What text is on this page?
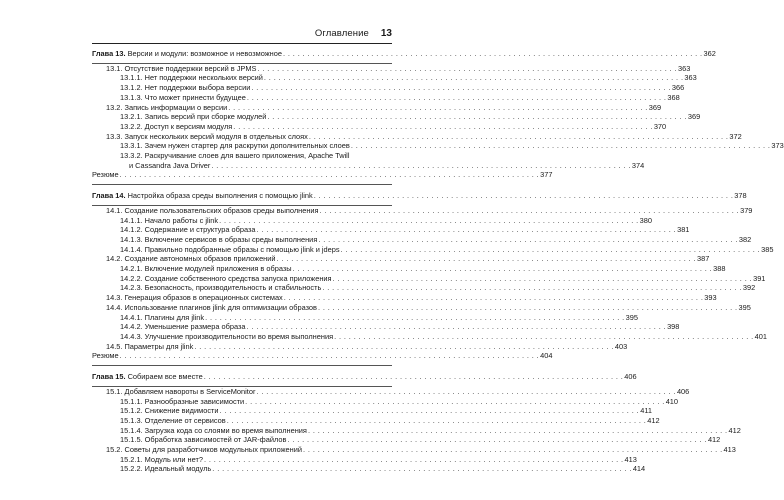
Оглавление 13
Глава 13. Версии и модули: возможное и невозможное . . . . . . . . . . . . . . . . . . . . . . . . . . . . . . . . . . . . . . . . . . . . . . . . . . . . . . . . . . . . . . . . . . . . . . . . . . . . . . . . . . . . . . 362
13.1. Отсутствие поддержки версий в JPMS . . . . . . . . . . . . . . . . . . . . . . . . . . . . . . . . . . . . . . . . . . . . . . . . . . . . . . . . . . . . . . . . . . . . . . . . . . . . . . . . . . . . . . 363
13.1.1. Нет поддержки нескольких версий . . . . . . . . . . . . . . . . . . . . . . . . . . . . . . . . . . . . . . . . . . . . . . . . . . . . . . . . . . . . . . . . . . . . . . . . . . . . . . . . . . . . . . 363
13.1.2. Нет поддержки выбора версии . . . . . . . . . . . . . . . . . . . . . . . . . . . . . . . . . . . . . . . . . . . . . . . . . . . . . . . . . . . . . . . . . . . . . . . . . . . . . . . . . . . . . . 366
13.1.3. Что может принести будущее . . . . . . . . . . . . . . . . . . . . . . . . . . . . . . . . . . . . . . . . . . . . . . . . . . . . . . . . . . . . . . . . . . . . . . . . . . . . . . . . . . . . . . 368
13.2. Запись информации о версии . . . . . . . . . . . . . . . . . . . . . . . . . . . . . . . . . . . . . . . . . . . . . . . . . . . . . . . . . . . . . . . . . . . . . . . . . . . . . . . . . . . . . . 369
13.2.1. Запись версий при сборке модулей . . . . . . . . . . . . . . . . . . . . . . . . . . . . . . . . . . . . . . . . . . . . . . . . . . . . . . . . . . . . . . . . . . . . . . . . . . . . . . . . . . . . . . 369
13.2.2. Доступ к версиям модуля . . . . . . . . . . . . . . . . . . . . . . . . . . . . . . . . . . . . . . . . . . . . . . . . . . . . . . . . . . . . . . . . . . . . . . . . . . . . . . . . . . . . . . 370
13.3. Запуск нескольких версий модуля в отдельных слоях . . . . . . . . . . . . . . . . . . . . . . . . . . . . . . . . . . . . . . . . . . . . . . . . . . . . . . . . . . . . . . . . . . . . . . . . . . . . . . . . . . . . . . 372
13.3.1. Зачем нужен стартер для раскрутки дополнительных слоев . . . . . . . . . . . . . . . . . . . . . . . . . . . . . . . . . . . . . . . . . . . . . . . . . . . . . . . . . . . . . . . . . . . . . . . . . . . . . . . . . . . . . . 373
13.3.2. Раскручивание слоев для вашего приложения, Apache Twill
и Cassandra Java Driver . . . . . . . . . . . . . . . . . . . . . . . . . . . . . . . . . . . . . . . . . . . . . . . . . . . . . . . . . . . . . . . . . . . . . . . . . . . . . . . . . . . . . . 374
Резюме . . . . . . . . . . . . . . . . . . . . . . . . . . . . . . . . . . . . . . . . . . . . . . . . . . . . . . . . . . . . . . . . . . . . . . . . . . . . . . . . . . . . . . 377
Глава 14. Настройка образа среды выполнения с помощью jlink . . . . . . . . . . . . . . . . . . . . . . . . . . . . . . . . . . . . . . . . . . . . . . . . . . . . . . . . . . . . . . . . . . . . . . . . . . . . . . . . . . . . . . 378
14.1. Создание пользовательских образов среды выполнения . . . . . . . . . . . . . . . . . . . . . . . . . . . . . . . . . . . . . . . . . . . . . . . . . . . . . . . . . . . . . . . . . . . . . . . . . . . . . . . . . . . . . . 379
14.1.1. Начало работы с jlink . . . . . . . . . . . . . . . . . . . . . . . . . . . . . . . . . . . . . . . . . . . . . . . . . . . . . . . . . . . . . . . . . . . . . . . . . . . . . . . . . . . . . . 380
14.1.2. Содержание и структура образа . . . . . . . . . . . . . . . . . . . . . . . . . . . . . . . . . . . . . . . . . . . . . . . . . . . . . . . . . . . . . . . . . . . . . . . . . . . . . . . . . . . . . . 381
14.1.3. Включение сервисов в образы среды выполнения . . . . . . . . . . . . . . . . . . . . . . . . . . . . . . . . . . . . . . . . . . . . . . . . . . . . . . . . . . . . . . . . . . . . . . . . . . . . . . . . . . . . . . 382
14.1.4. Правильно подобранные образы с помощью jlink и jdeps . . . . . . . . . . . . . . . . . . . . . . . . . . . . . . . . . . . . . . . . . . . . . . . . . . . . . . . . . . . . . . . . . . . . . . . . . . . . . . . . . . . . . . 385
14.2. Создание автономных образов приложений . . . . . . . . . . . . . . . . . . . . . . . . . . . . . . . . . . . . . . . . . . . . . . . . . . . . . . . . . . . . . . . . . . . . . . . . . . . . . . . . . . . . . . 387
14.2.1. Включение модулей приложения в образы . . . . . . . . . . . . . . . . . . . . . . . . . . . . . . . . . . . . . . . . . . . . . . . . . . . . . . . . . . . . . . . . . . . . . . . . . . . . . . . . . . . . . . 388
14.2.2. Создание собственного средства запуска приложения . . . . . . . . . . . . . . . . . . . . . . . . . . . . . . . . . . . . . . . . . . . . . . . . . . . . . . . . . . . . . . . . . . . . . . . . . . . . . . . . . . . . . . 391
14.2.3. Безопасность, производительность и стабильность . . . . . . . . . . . . . . . . . . . . . . . . . . . . . . . . . . . . . . . . . . . . . . . . . . . . . . . . . . . . . . . . . . . . . . . . . . . . . . . . . . . . . . 392
14.3. Генерация образов в операционных системах . . . . . . . . . . . . . . . . . . . . . . . . . . . . . . . . . . . . . . . . . . . . . . . . . . . . . . . . . . . . . . . . . . . . . . . . . . . . . . . . . . . . . . 393
14.4. Использование плагинов jlink для оптимизации образов . . . . . . . . . . . . . . . . . . . . . . . . . . . . . . . . . . . . . . . . . . . . . . . . . . . . . . . . . . . . . . . . . . . . . . . . . . . . . . . . . . . . . . 395
14.4.1. Плагины для jlink . . . . . . . . . . . . . . . . . . . . . . . . . . . . . . . . . . . . . . . . . . . . . . . . . . . . . . . . . . . . . . . . . . . . . . . . . . . . . . . . . . . . . . 395
14.4.2. Уменьшение размера образа . . . . . . . . . . . . . . . . . . . . . . . . . . . . . . . . . . . . . . . . . . . . . . . . . . . . . . . . . . . . . . . . . . . . . . . . . . . . . . . . . . . . . . 398
14.4.3. Улучшение производительности во время выполнения . . . . . . . . . . . . . . . . . . . . . . . . . . . . . . . . . . . . . . . . . . . . . . . . . . . . . . . . . . . . . . . . . . . . . . . . . . . . . . . . . . . . . . 401
14.5. Параметры для jlink . . . . . . . . . . . . . . . . . . . . . . . . . . . . . . . . . . . . . . . . . . . . . . . . . . . . . . . . . . . . . . . . . . . . . . . . . . . . . . . . . . . . . . 403
Резюме . . . . . . . . . . . . . . . . . . . . . . . . . . . . . . . . . . . . . . . . . . . . . . . . . . . . . . . . . . . . . . . . . . . . . . . . . . . . . . . . . . . . . . 404
Глава 15. Собираем все вместе . . . . . . . . . . . . . . . . . . . . . . . . . . . . . . . . . . . . . . . . . . . . . . . . . . . . . . . . . . . . . . . . . . . . . . . . . . . . . . . . . . . . . . 406
15.1. Добавляем навороты в ServiceMonitor . . . . . . . . . . . . . . . . . . . . . . . . . . . . . . . . . . . . . . . . . . . . . . . . . . . . . . . . . . . . . . . . . . . . . . . . . . . . . . . . . . . . . . 406
15.1.1. Разнообразные зависимости . . . . . . . . . . . . . . . . . . . . . . . . . . . . . . . . . . . . . . . . . . . . . . . . . . . . . . . . . . . . . . . . . . . . . . . . . . . . . . . . . . . . . . 410
15.1.2. Снижение видимости . . . . . . . . . . . . . . . . . . . . . . . . . . . . . . . . . . . . . . . . . . . . . . . . . . . . . . . . . . . . . . . . . . . . . . . . . . . . . . . . . . . . . . 411
15.1.3. Отделение от сервисов . . . . . . . . . . . . . . . . . . . . . . . . . . . . . . . . . . . . . . . . . . . . . . . . . . . . . . . . . . . . . . . . . . . . . . . . . . . . . . . . . . . . . . 412
15.1.4. Загрузка кода со слоями во время выполнения . . . . . . . . . . . . . . . . . . . . . . . . . . . . . . . . . . . . . . . . . . . . . . . . . . . . . . . . . . . . . . . . . . . . . . . . . . . . . . . . . . . . . . 412
15.1.5. Обработка зависимостей от JAR-файлов . . . . . . . . . . . . . . . . . . . . . . . . . . . . . . . . . . . . . . . . . . . . . . . . . . . . . . . . . . . . . . . . . . . . . . . . . . . . . . . . . . . . . . 412
15.2. Советы для разработчиков модульных приложений . . . . . . . . . . . . . . . . . . . . . . . . . . . . . . . . . . . . . . . . . . . . . . . . . . . . . . . . . . . . . . . . . . . . . . . . . . . . . . . . . . . . . . 413
15.2.1. Модуль или нет? . . . . . . . . . . . . . . . . . . . . . . . . . . . . . . . . . . . . . . . . . . . . . . . . . . . . . . . . . . . . . . . . . . . . . . . . . . . . . . . . . . . . . . 413
15.2.2. Идеальный модуль . . . . . . . . . . . . . . . . . . . . . . . . . . . . . . . . . . . . . . . . . . . . . . . . . . . . . . . . . . . . . . . . . . . . . . . . . . . . . . . . . . . . . . 414
